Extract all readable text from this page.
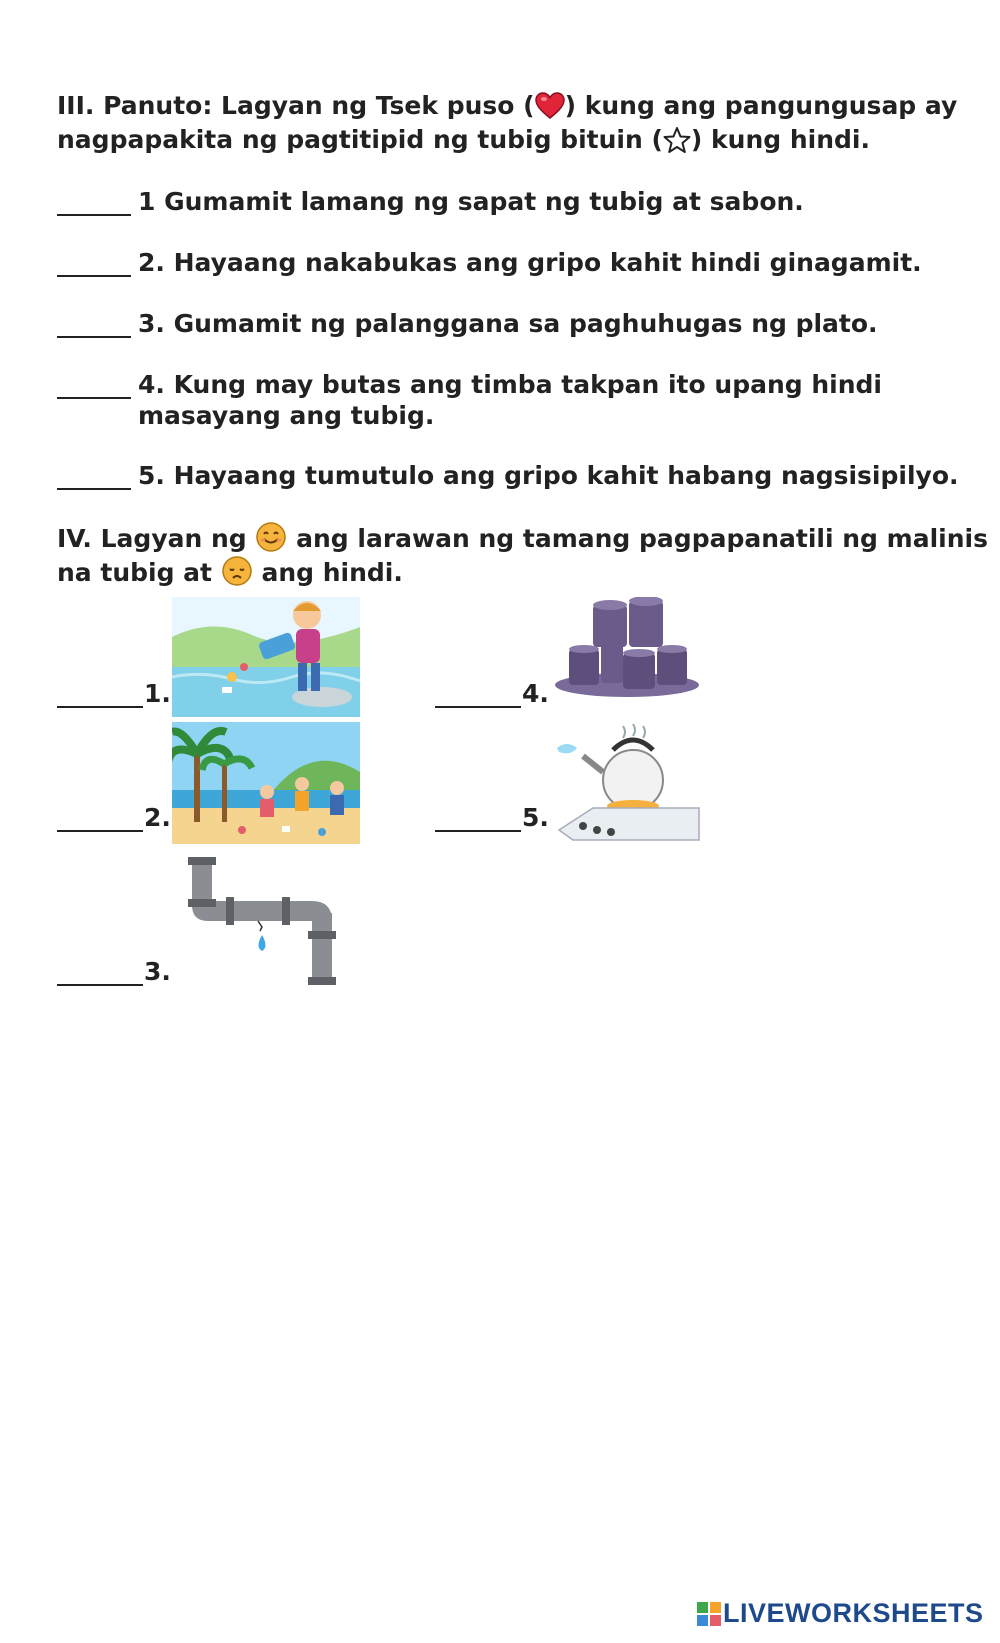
III. Panuto: Lagyan ng Tsek puso ( ) kung ang pangungusap ay
nagpapakita ng pagtitipid ng tubig bituin ( ) kung hindi.
1 Gumamit lamang ng sapat ng tubig at sabon.
2. Hayaang nakabukas ang gripo kahit hindi ginagamit.
3. Gumamit ng palanggana sa paghuhugas ng plato.
4. Kung may butas ang timba takpan ito upang hindi
masayang ang tubig.
5. Hayaang tumutulo ang gripo kahit habang nagsisipilyo.
IV. Lagyan ng ang larawan ng tamang pagpapanatili ng malinis
na tubig at ang hindi.
1.	4.
2.	5.
3.
LIVEWORKSHEETS
